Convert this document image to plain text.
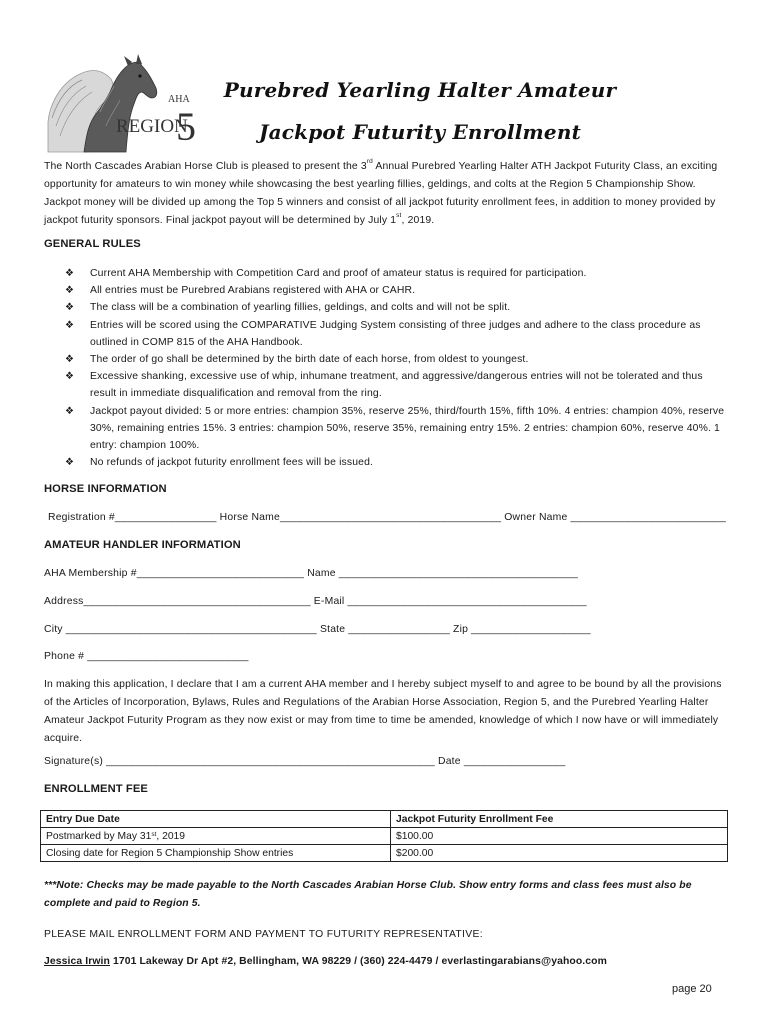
AHA
REGION
5
Purebred Yearling Halter Amateur
Jackpot Futurity Enrollment
The North Cascades Arabian Horse Club is pleased to present the 3rd Annual Purebred Yearling Halter ATH Jackpot Futurity Class, an exciting opportunity for amateurs to win money while showcasing the best yearling fillies, geldings, and colts at the Region 5 Championship Show. Jackpot money will be divided up among the Top 5 winners and consist of all jackpot futurity enrollment fees, in addition to money provided by jackpot futurity sponsors. Final jackpot payout will be determined by July 1st, 2019.
GENERAL RULES
❖ Current AHA Membership with Competition Card and proof of amateur status is required for participation.
❖ All entries must be Purebred Arabians registered with AHA or CAHR.
❖ The class will be a combination of yearling fillies, geldings, and colts and will not be split.
❖ Entries will be scored using the COMPARATIVE Judging System consisting of three judges and adhere to the class procedure as outlined in COMP 815 of the AHA Handbook.
❖ The order of go shall be determined by the birth date of each horse, from oldest to youngest.
❖ Excessive shanking, excessive use of whip, inhumane treatment, and aggressive/dangerous entries will not be tolerated and thus result in immediate disqualification and removal from the ring.
❖ Jackpot payout divided: 5 or more entries: champion 35%, reserve 25%, third/fourth 15%, fifth 10%. 4 entries: champion 40%, reserve 30%, remaining entries 15%. 3 entries: champion 50%, reserve 35%, remaining entry 15%. 2 entries: champion 60%, reserve 40%. 1 entry: champion 100%.
❖ No refunds of jackpot futurity enrollment fees will be issued.
HORSE INFORMATION
Registration #_________________ Horse Name_____________________________________ Owner Name __________________________
AMATEUR HANDLER INFORMATION
AHA Membership #____________________________ Name ________________________________________
Address______________________________________ E-Mail ________________________________________
City __________________________________________ State _________________ Zip ____________________
Phone # ___________________________
In making this application, I declare that I am a current AHA member and I hereby subject myself to and agree to be bound by all the provisions of the Articles of Incorporation, Bylaws, Rules and Regulations of the Arabian Horse Association, Region 5, and the Purebred Yearling Halter Amateur Jackpot Futurity Program as they now exist or may from time to time be amended, knowledge of which I now have or will immediately acquire.
Signature(s) _______________________________________________________ Date _________________
ENROLLMENT FEE
Entry Due Date	Jackpot Futurity Enrollment Fee
Postmarked by May 31st, 2019	$100.00
Closing date for Region 5 Championship Show entries	$200.00
***Note: Checks may be made payable to the North Cascades Arabian Horse Club. Show entry forms and class fees must also be complete and paid to Region 5.
PLEASE MAIL ENROLLMENT FORM AND PAYMENT TO FUTURITY REPRESENTATIVE:
Jessica Irwin 1701 Lakeway Dr Apt #2, Bellingham, WA 98229 / (360) 224-4479 / everlastingarabians@yahoo.com
page 20
